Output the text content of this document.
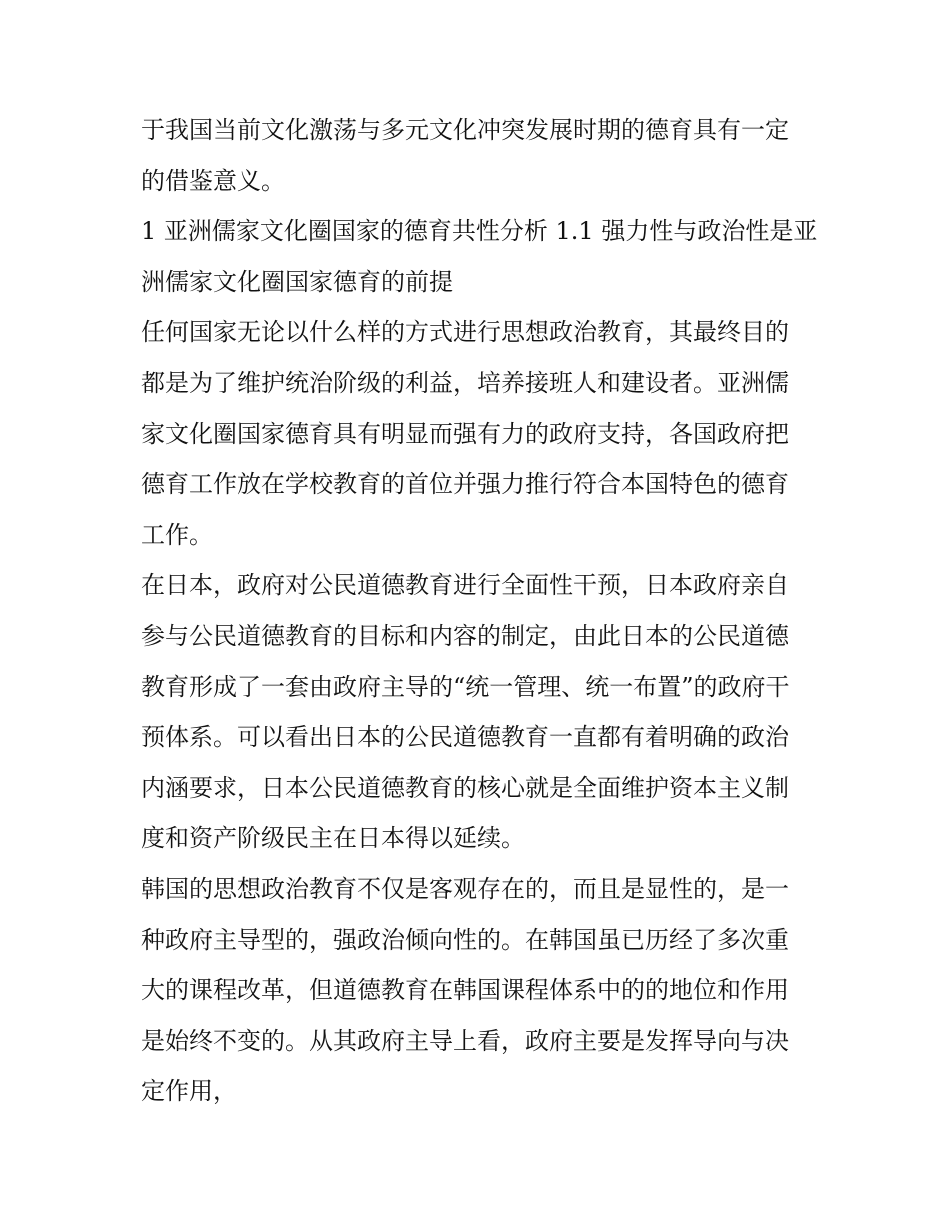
于我国当前文化激荡与多元文化冲突发展时期的德育具有一定
的借鉴意义。
1 亚洲儒家文化圈国家的德育共性分析 1.1 强力性与政治性是亚
洲儒家文化圈国家德育的前提
任何国家无论以什么样的方式进行思想政治教育，其最终目的
都是为了维护统治阶级的利益，培养接班人和建设者。亚洲儒
家文化圈国家德育具有明显而强有力的政府支持，各国政府把
德育工作放在学校教育的首位并强力推行符合本国特色的德育
工作。
在日本，政府对公民道德教育进行全面性干预，日本政府亲自
参与公民道德教育的目标和内容的制定，由此日本的公民道德
教育形成了一套由政府主导的“统一管理、统一布置”的政府干
预体系。可以看出日本的公民道德教育一直都有着明确的政治
内涵要求，日本公民道德教育的核心就是全面维护资本主义制
度和资产阶级民主在日本得以延续。
韩国的思想政治教育不仅是客观存在的，而且是显性的，是一
种政府主导型的，强政治倾向性的。在韩国虽已历经了多次重
大的课程改革，但道德教育在韩国课程体系中的的地位和作用
是始终不变的。从其政府主导上看，政府主要是发挥导向与决
定作用，
